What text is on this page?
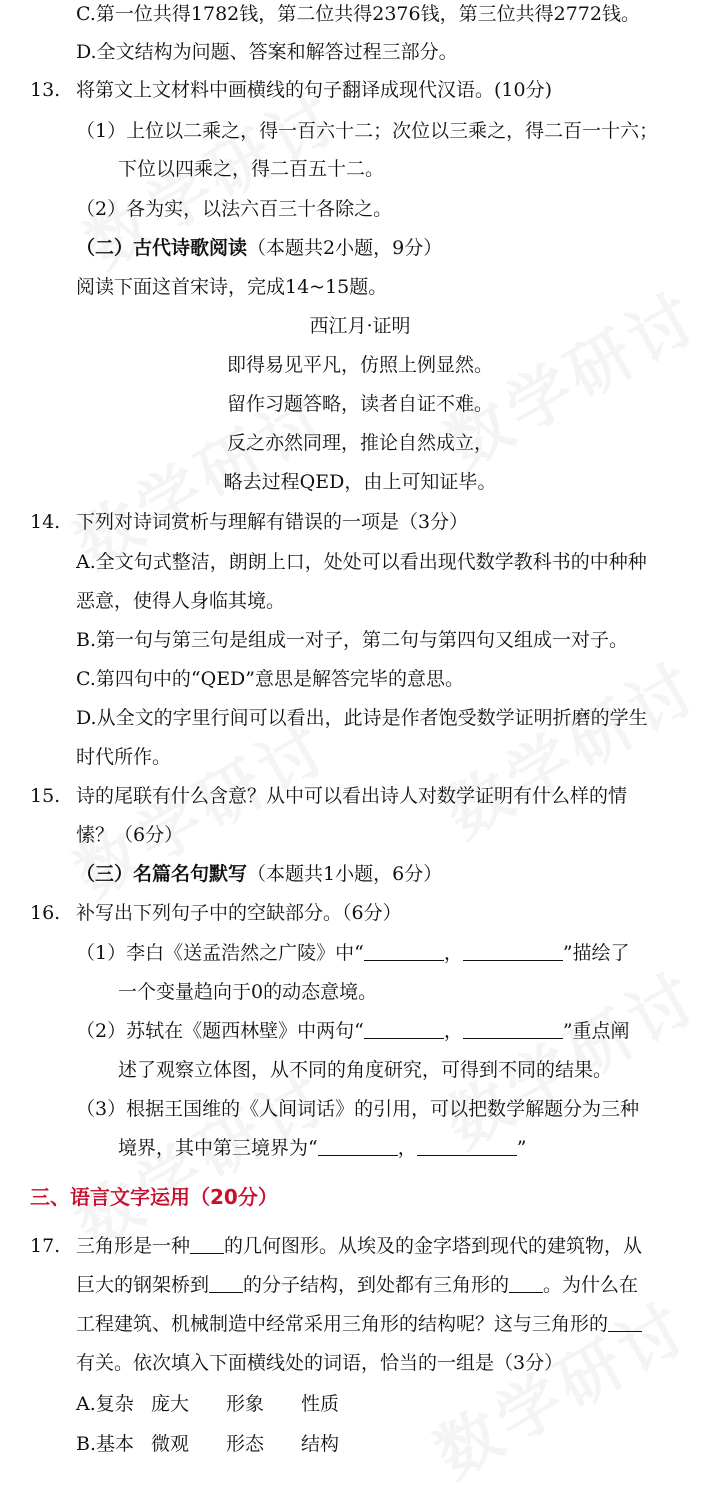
C.第一位共得1782钱，第二位共得2376钱，第三位共得2772钱。
D.全文结构为问题、答案和解答过程三部分。
13. 将第文上文材料中画横线的句子翻译成现代汉语。(10分)
（1）上位以二乘之，得一百六十二；次位以三乘之，得二百一十六；
下位以四乘之，得二百五十二。
（2）各为实，以法六百三十各除之。
（二）古代诗歌阅读（本题共2小题，9分）
阅读下面这首宋诗，完成14~15题。
西江月·证明
即得易见平凡，仿照上例显然。
留作习题答略，读者自证不难。
反之亦然同理，推论自然成立，
略去过程QED，由上可知证毕。
14. 下列对诗词赏析与理解有错误的一项是（3分）
A.全文句式整洁，朗朗上口，处处可以看出现代数学教科书的中种种
恶意，使得人身临其境。
B.第一句与第三句是组成一对子，第二句与第四句又组成一对子。
C.第四句中的“QED”意思是解答完毕的意思。
D.从全文的字里行间可以看出，此诗是作者饱受数学证明折磨的学生
时代所作。
15. 诗的尾联有什么含意？从中可以看出诗人对数学证明有什么样的情
愫？（6分）
（三）名篇名句默写（本题共1小题，6分）
16. 补写出下列句子中的空缺部分。（6分）
（1）李白《送孟浩然之广陵》中“	，	”描绘了
一个变量趋向于0的动态意境。
（2）苏轼在《题西林壁》中两句“	，	”重点阐
述了观察立体图，从不同的角度研究，可得到不同的结果。
（3）根据王国维的《人间词话》的引用，可以把数学解题分为三种
境界，其中第三境界为“	，	”
三、语言文字运用（20分）
17. 三角形是一种 的几何图形。从埃及的金字塔到现代的建筑物，从
巨大的钢架桥到 的分子结构，到处都有三角形的 。为什么在
工程建筑、机械制造中经常采用三角形的结构呢？这与三角形的
有关。依次填入下面横线处的词语，恰当的一组是（3分）
A.复杂 庞大 形象 性质
B.基本 微观 形态 结构
